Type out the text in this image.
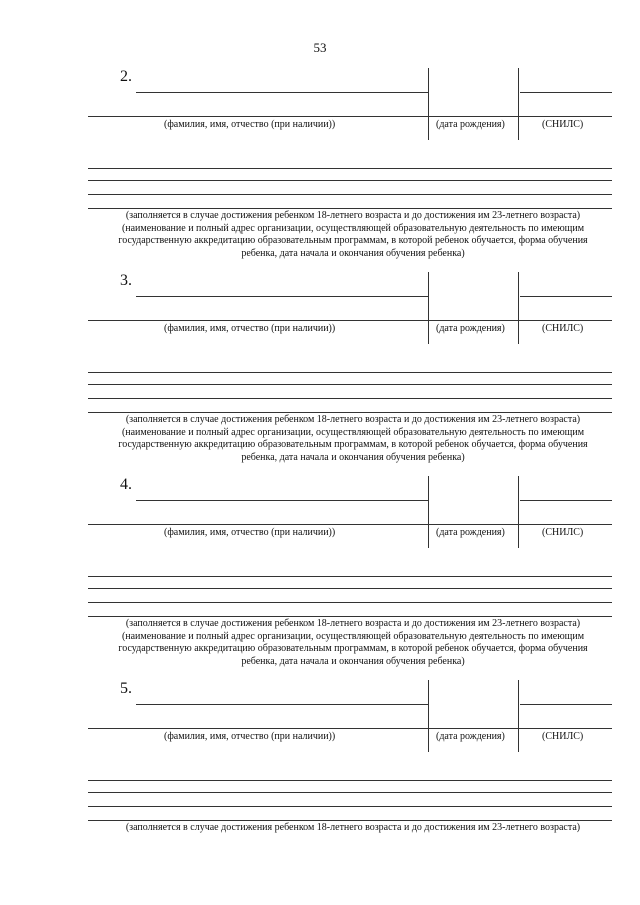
53
2.
(фамилия, имя, отчество (при наличии))	(дата рождения)	(СНИЛС)
(заполняется в случае достижения ребенком 18-летнего возраста и до достижения им 23-летнего возраста)
(наименование и полный адрес организации, осуществляющей образовательную деятельность по имеющим
государственную аккредитацию образовательным программам, в которой ребенок обучается, форма обучения
ребенка, дата начала и окончания обучения ребенка)
3.
(фамилия, имя, отчество (при наличии))	(дата рождения)	(СНИЛС)
(заполняется в случае достижения ребенком 18-летнего возраста и до достижения им 23-летнего возраста)
(наименование и полный адрес организации, осуществляющей образовательную деятельность по имеющим
государственную аккредитацию образовательным программам, в которой ребенок обучается, форма обучения
ребенка, дата начала и окончания обучения ребенка)
4.
(фамилия, имя, отчество (при наличии))	(дата рождения)	(СНИЛС)
(заполняется в случае достижения ребенком 18-летнего возраста и до достижения им 23-летнего возраста)
(наименование и полный адрес организации, осуществляющей образовательную деятельность по имеющим
государственную аккредитацию образовательным программам, в которой ребенок обучается, форма обучения
ребенка, дата начала и окончания обучения ребенка)
5.
(фамилия, имя, отчество (при наличии))	(дата рождения)	(СНИЛС)
(заполняется в случае достижения ребенком 18-летнего возраста и до достижения им 23-летнего возраста)
